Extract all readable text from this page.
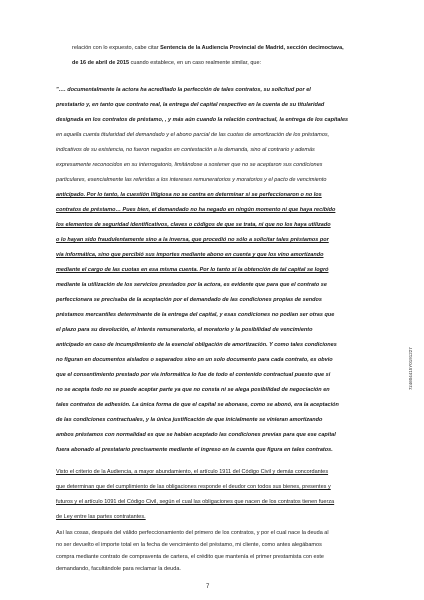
relación con lo expuesto, cabe citar Sentencia de la Audiencia Provincial de Madrid, sección decimoctava,
de 16 de abril de 2015 cuando establece, en un caso realmente similar, que:
"…. documentalmente la actora ha acreditado la perfección de tales contratos, su solicitud por el
prestatario y, en tanto que contrato real, la entrega del capital respectivo en la cuenta de su titularidad
designada en los contratos de préstamo, , y más aún cuando la relación contractual, la entrega de los capitales
en aquella cuenta titularidad del demandado y el abono parcial de las cuotas de amortización de los préstamos,
indicativos de su existencia, no fueron negados en contestación a la demanda, sino al contrario y además
expresamente reconocidos en su interrogatorio, limitándose a sostener que no se aceptaron sus condiciones
particulares, esencialmente las referidas a los intereses remuneratorios y moratorios y el pacto de vencimiento
anticipado. Por lo tanto, la cuestión litigiosa no se centra en determinar si se perfeccionaron o no los
contratos de préstamo… Pues bien, el demandado no ha negado en ningún momento ni que haya recibido
los elementos de seguridad identificativos, claves o códigos de que se trata, ni que no los haya utilizado
o lo hayan sido fraudulentamente sino a la inversa, que procedió no sólo a solicitar tales préstamos por
vía informática, sino que percibió sus importes mediante abono en cuenta y que los vino amortizando
mediante el cargo de las cuotas en esa misma cuenta. Por lo tanto si la obtención de tal capital se logró
mediante la utilización de los servicios prestados por la actora, es evidente que para que el contrato se
perfeccionara se precisaba de la aceptación por el demandado de las condiciones propias de sendos
préstamos mercantiles determinante de la entrega del capital, y esas condiciones no podían ser otras que
el plazo para su devolución, el interés remuneratorio, el moratorio y la posibilidad de vencimiento
anticipado en caso de incumplimiento de la esencial obligación de amortización. Y como tales condiciones
no figuran en documentos aislados o separados sino en un solo documento para cada contrato, es obvio
que el consentimiento prestado por vía informática lo fue de todo el contenido contractual puesto que si
no se acepta todo no se puede aceptar parte ya que no consta ni se alega posibilidad de negociación en
tales contratos de adhesión. La única forma de que el capital se abonase, como se abonó, era la aceptación
de las condiciones contractuales, y la única justificación de que inicialmente se vinieran amortizando
ambos préstamos con normalidad es que se habían aceptado las condiciones previas para que ese capital
fuera abonado al prestatario precisamente mediante el ingreso en la cuenta que figura en tales contratos.
Visto el criterio de la Audiencia, a mayor abundamiento, el artículo 1911 del Código Civil y demás concordantes
que determinan que del cumplimiento de las obligaciones responde el deudor con todos sus bienes, presentes y
futuros y el artículo 1091 del Código Civil, según el cual las obligaciones que nacen de los contratos tienen fuerza
de Ley entre las partes contratantes.
Así las cosas, después del válido perfeccionamiento del primero de los contratos, y por el cual nace la deuda al
no ser devuelto el importe total en la fecha de vencimiento del préstamo, mi cliente, como antes alegábamos
compra mediante contrato de compraventa de cartera, el crédito que mantenía el primer prestamista con este
demandando, facultándole para reclamar la deuda.
7
7z4604415Y0191227
